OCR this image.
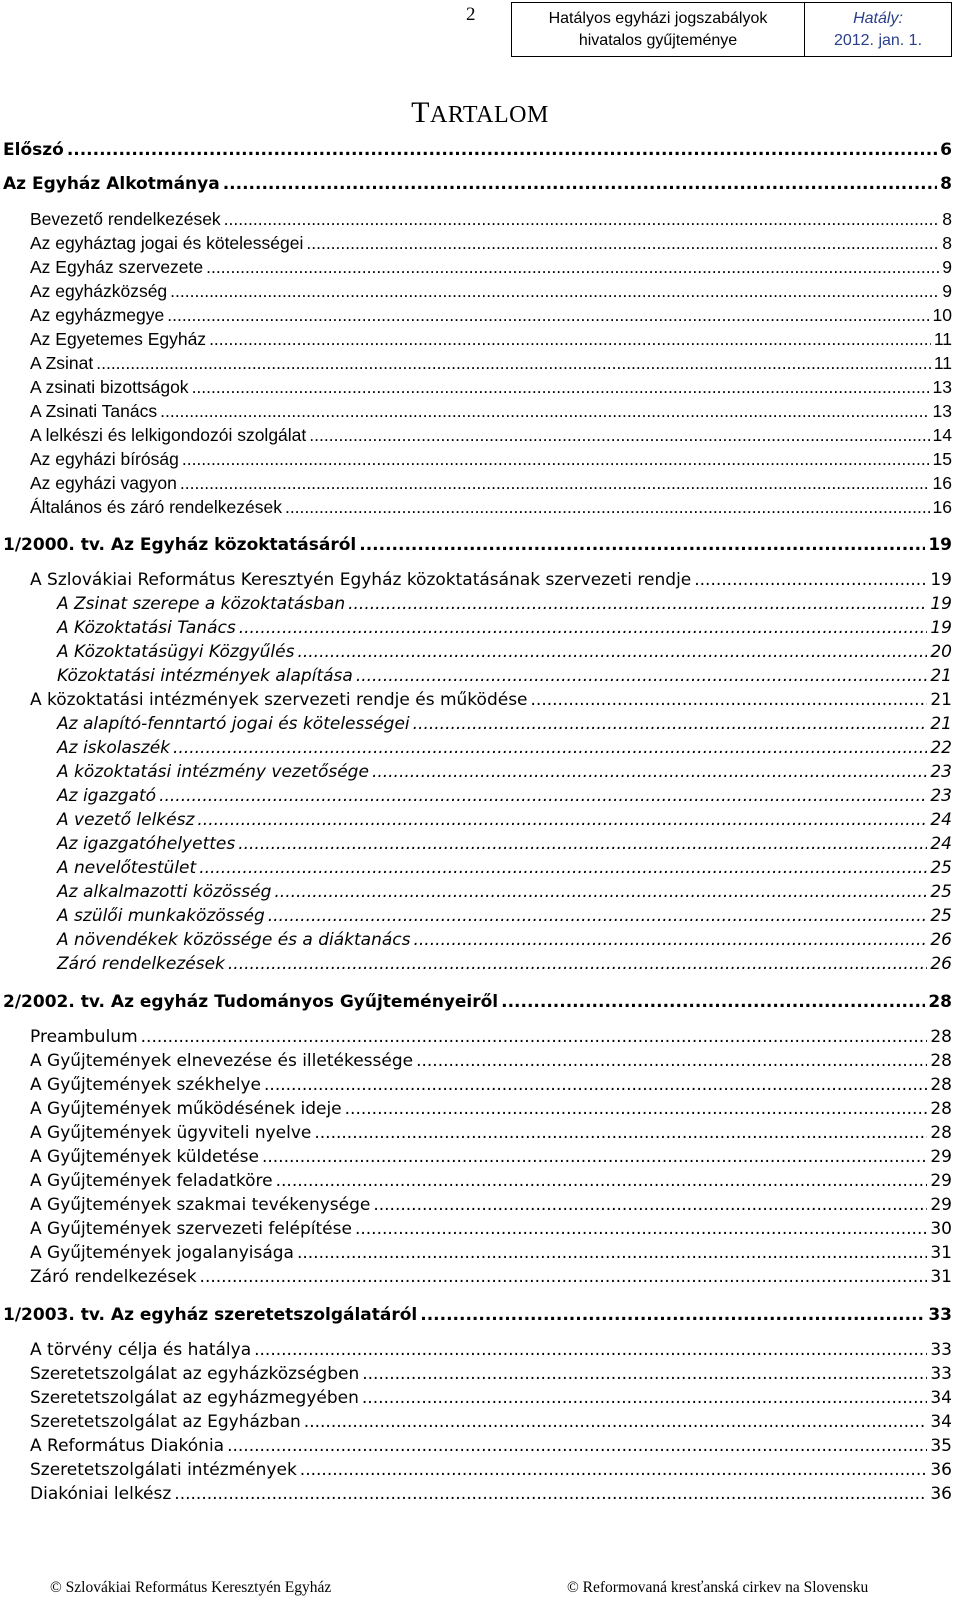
2	Hatályos egyházi jogszabályok
hivatalos gyűjteménye
Hatály:
2012. jan. 1.
TARTALOM
Előszó .....	6
Az Egyház Alkotmánya .....	8
Bevezető rendelkezések .....	8
Az egyháztag jogai és kötelességei .....	8
Az Egyház szervezete .....	9
Az egyházközség .....	9
Az egyházmegye .....	10
Az Egyetemes Egyház .....	11
A Zsinat .....	11
A zsinati bizottságok .....	13
A Zsinati Tanács .....	13
A lelkészi és lelkigondozói szolgálat .....	14
Az egyházi bíróság .....	15
Az egyházi vagyon .....	16
Általános és záró rendelkezések .....	16
1/2000. tv. Az Egyház közoktatásáról .....	19
A Szlovákiai Református Keresztyén Egyház közoktatásának szervezeti rendje .....	19
A Zsinat szerepe a közoktatásban .....	19
A Közoktatási Tanács .....	19
A Közoktatásügyi Közgyűlés .....	20
Közoktatási intézmények alapítása .....	21
A közoktatási intézmények szervezeti rendje és működése .....	21
Az alapító-fenntartó jogai és kötelességei .....	21
Az iskolaszék .....	22
A közoktatási intézmény vezetősége .....	23
Az igazgató .....	23
A vezető lelkész .....	24
Az igazgatóhelyettes .....	24
A nevelőtestület .....	25
Az alkalmazotti közösség .....	25
A szülői munkaközösség .....	25
A növendékek közössége és a diáktanács .....	26
Záró rendelkezések .....	26
2/2002. tv. Az egyház Tudományos Gyűjteményeiről .....	28
Preambulum .....	28
A Gyűjtemények elnevezése és illetékessége .....	28
A Gyűjtemények székhelye .....	28
A Gyűjtemények működésének ideje .....	28
A Gyűjtemények ügyviteli nyelve .....	28
A Gyűjtemények küldetése .....	29
A Gyűjtemények feladatköre .....	29
A Gyűjtemények szakmai tevékenysége .....	29
A Gyűjtemények szervezeti felépítése .....	30
A Gyűjtemények jogalanyisága .....	31
Záró rendelkezések .....	31
1/2003. tv. Az egyház szeretetszolgálatáról .....	33
A törvény célja és hatálya .....	33
Szeretetszolgálat az egyházközségben .....	33
Szeretetszolgálat az egyházmegyében .....	34
Szeretetszolgálat az Egyházban .....	34
A Református Diakónia .....	35
Szeretetszolgálati intézmények .....	36
Diakóniai lelkész .....	36
© Szlovákiai Református Keresztyén Egyház	© Reformovaná kresťanská cirkev na Slovensku
